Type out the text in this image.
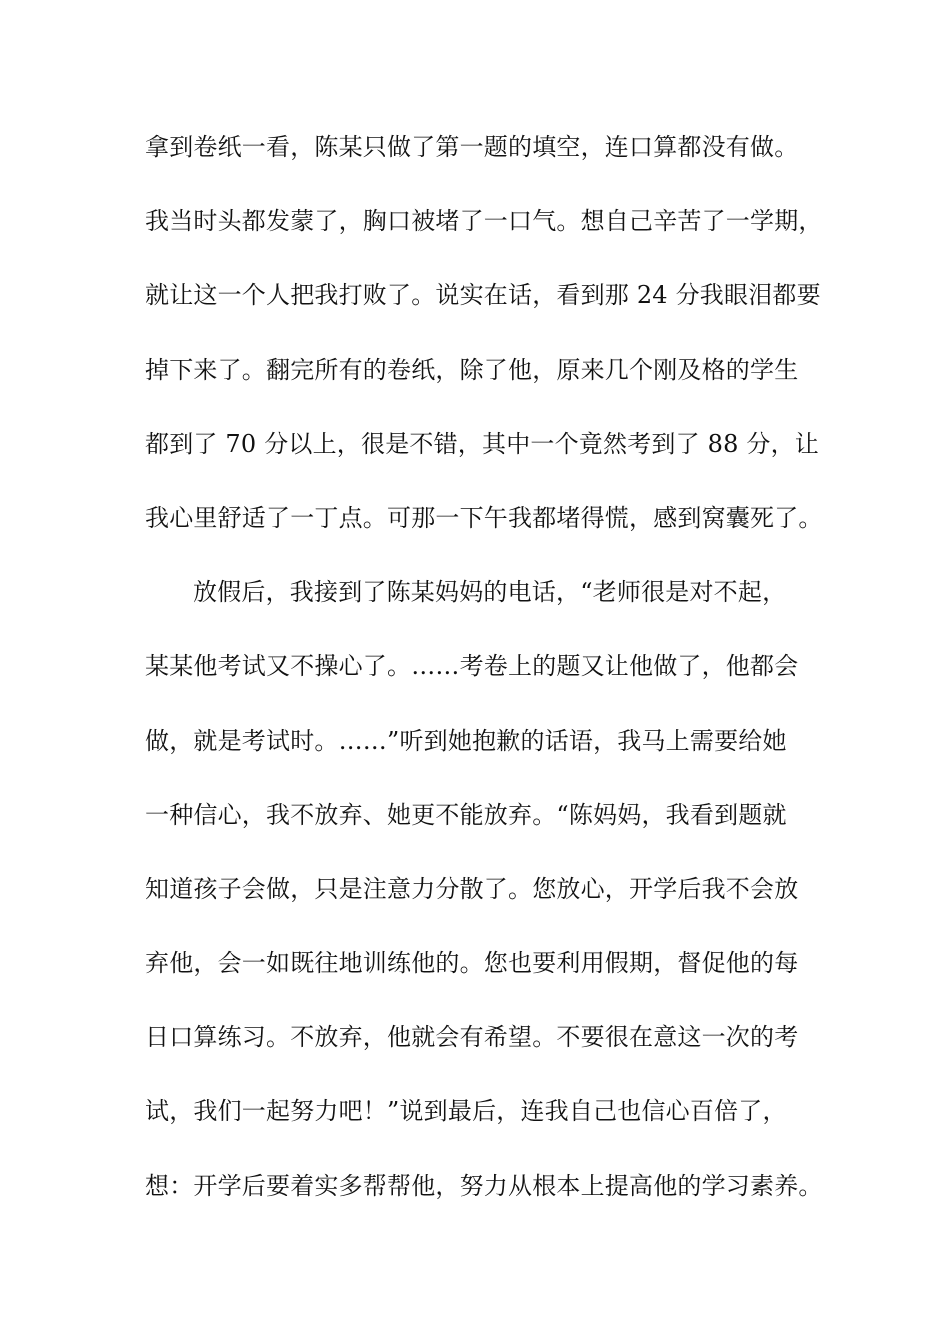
拿到卷纸一看，陈某只做了第一题的填空，连口算都没有做。
我当时头都发蒙了，胸口被堵了一口气。想自己辛苦了一学期，
就让这一个人把我打败了。说实在话，看到那 24 分我眼泪都要
掉下来了。翻完所有的卷纸，除了他，原来几个刚及格的学生
都到了 70 分以上，很是不错，其中一个竟然考到了 88 分，让
我心里舒适了一丁点。可那一下午我都堵得慌，感到窝囊死了。
放假后，我接到了陈某妈妈的电话，“老师很是对不起，
某某他考试又不操心了。……考卷上的题又让他做了，他都会
做，就是考试时。……”听到她抱歉的话语，我马上需要给她
一种信心，我不放弃、她更不能放弃。“陈妈妈，我看到题就
知道孩子会做，只是注意力分散了。您放心，开学后我不会放
弃他，会一如既往地训练他的。您也要利用假期，督促他的每
日口算练习。不放弃，他就会有希望。不要很在意这一次的考
试，我们一起努力吧！”说到最后，连我自己也信心百倍了，
想：开学后要着实多帮帮他，努力从根本上提高他的学习素养。
